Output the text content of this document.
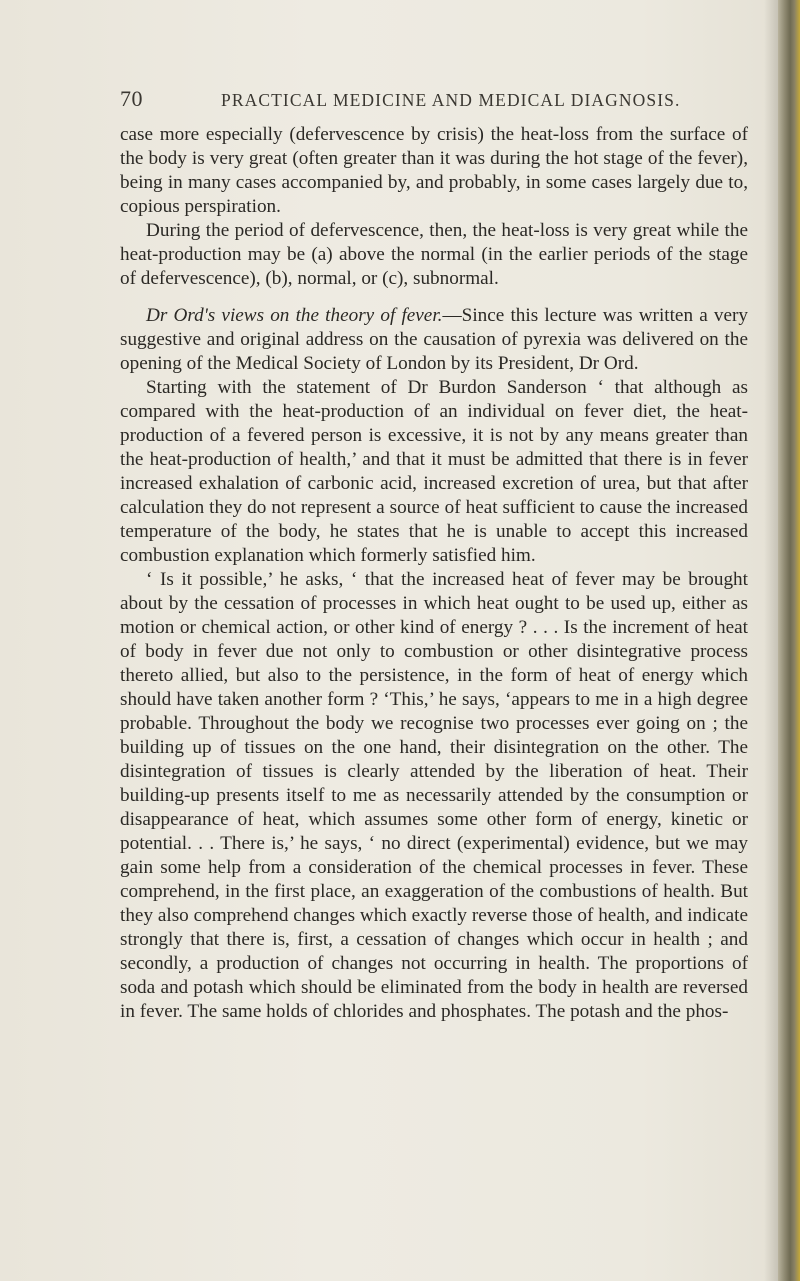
70	PRACTICAL MEDICINE AND MEDICAL DIAGNOSIS.

case more especially (defervescence by crisis) the heat-loss from the surface of the body is very great (often greater than it was during the hot stage of the fever), being in many cases accompanied by, and probably, in some cases largely due to, copious perspiration.

During the period of defervescence, then, the heat-loss is very great while the heat-production may be (a) above the normal (in the earlier periods of the stage of defervescence), (b), normal, or (c), subnormal.

Dr Ord's views on the theory of fever.—Since this lecture was written a very suggestive and original address on the causation of pyrexia was delivered on the opening of the Medical Society of London by its President, Dr Ord.

Starting with the statement of Dr Burdon Sanderson ‘ that although as compared with the heat-production of an individual on fever diet, the heat-production of a fevered person is excessive, it is not by any means greater than the heat-production of health,’ and that it must be admitted that there is in fever increased exhalation of carbonic acid, increased excretion of urea, but that after calculation they do not represent a source of heat sufficient to cause the increased temperature of the body, he states that he is unable to accept this increased combustion explanation which formerly satisfied him.

‘ Is it possible,’ he asks, ‘ that the increased heat of fever may be brought about by the cessation of processes in which heat ought to be used up, either as motion or chemical action, or other kind of energy ? . . . Is the increment of heat of body in fever due not only to combustion or other disintegrative process thereto allied, but also to the persistence, in the form of heat of energy which should have taken another form ? ‘This,’ he says, ‘appears to me in a high degree probable. Throughout the body we recognise two processes ever going on ; the building up of tissues on the one hand, their disintegration on the other. The disintegration of tissues is clearly attended by the liberation of heat. Their building-up presents itself to me as necessarily attended by the consumption or disappearance of heat, which assumes some other form of energy, kinetic or potential. . . There is,’ he says, ‘ no direct (experimental) evidence, but we may gain some help from a consideration of the chemical processes in fever. These comprehend, in the first place, an exaggeration of the combustions of health. But they also comprehend changes which exactly reverse those of health, and indicate strongly that there is, first, a cessation of changes which occur in health ; and secondly, a production of changes not occurring in health. The proportions of soda and potash which should be eliminated from the body in health are reversed in fever. The same holds of chlorides and phosphates. The potash and the phos-
